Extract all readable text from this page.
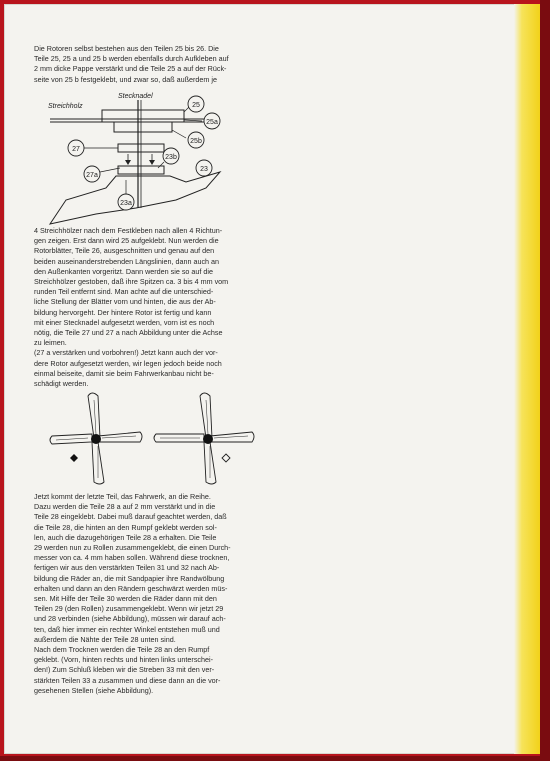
Die Rotoren selbst bestehen aus den Teilen 25 bis 26. Die
Teile 25, 25 a und 25 b werden ebenfalls durch Aufkleben auf
2 mm dicke Pappe verstärkt und die Teile 25 a auf der Rück-
seite von 25 b festgeklebt, und zwar so, daß außerdem je
Streichholz
Stecknadel
25
25a
25b
27
27a
23b
23
23a
4 Streichhölzer nach dem Festkleben nach allen 4 Richtun-
gen zeigen. Erst dann wird 25 aufgeklebt. Nun werden die
Rotorblätter, Teile 26, ausgeschnitten und genau auf den
beiden auseinanderstrebenden Längslinien, dann auch an
den Außenkanten vorgeritzt. Dann werden sie so auf die
Streichhölzer gestoben, daß ihre Spitzen ca. 3 bis 4 mm vom
runden Teil entfernt sind. Man achte auf die unterschied-
liche Stellung der Blätter vorn und hinten, die aus der Ab-
bildung hervorgeht. Der hintere Rotor ist fertig und kann
mit einer Stecknadel aufgesetzt werden, vorn ist es noch
nötig, die Teile 27 und 27 a nach Abbildung unter die Achse
zu leimen.
(27 a verstärken und vorbohren!) Jetzt kann auch der vor-
dere Rotor aufgesetzt werden, wir legen jedoch beide noch
einmal beiseite, damit sie beim Fahrwerkanbau nicht be-
schädigt werden.
Jetzt kommt der letzte Teil, das Fahrwerk, an die Reihe.
Dazu werden die Teile 28 a auf 2 mm verstärkt und in die
Teile 28 eingeklebt. Dabei muß darauf geachtet werden, daß
die Teile 28, die hinten an den Rumpf geklebt werden sol-
len, auch die dazugehörigen Teile 28 a erhalten. Die Teile
29 werden nun zu Rollen zusammengeklebt, die einen Durch-
messer von ca. 4 mm haben sollen. Während diese trocknen,
fertigen wir aus den verstärkten Teilen 31 und 32 nach Ab-
bildung die Räder an, die mit Sandpapier ihre Randwölbung
erhalten und dann an den Rändern geschwärzt werden müs-
sen. Mit Hilfe der Teile 30 werden die Räder dann mit den
Teilen 29 (den Rollen) zusammengeklebt. Wenn wir jetzt 29
und 28 verbinden (siehe Abbildung), müssen wir darauf ach-
ten, daß hier immer ein rechter Winkel entstehen muß und
außerdem die Nähte der Teile 28 unten sind.
Nach dem Trocknen werden die Teile 28 an den Rumpf
geklebt. (Vorn, hinten rechts und hinten links unterschei-
den!) Zum Schluß kleben wir die Streben 33 mit den ver-
stärkten Teilen 33 a zusammen und diese dann an die vor-
gesehenen Stellen (siehe Abbildung).
